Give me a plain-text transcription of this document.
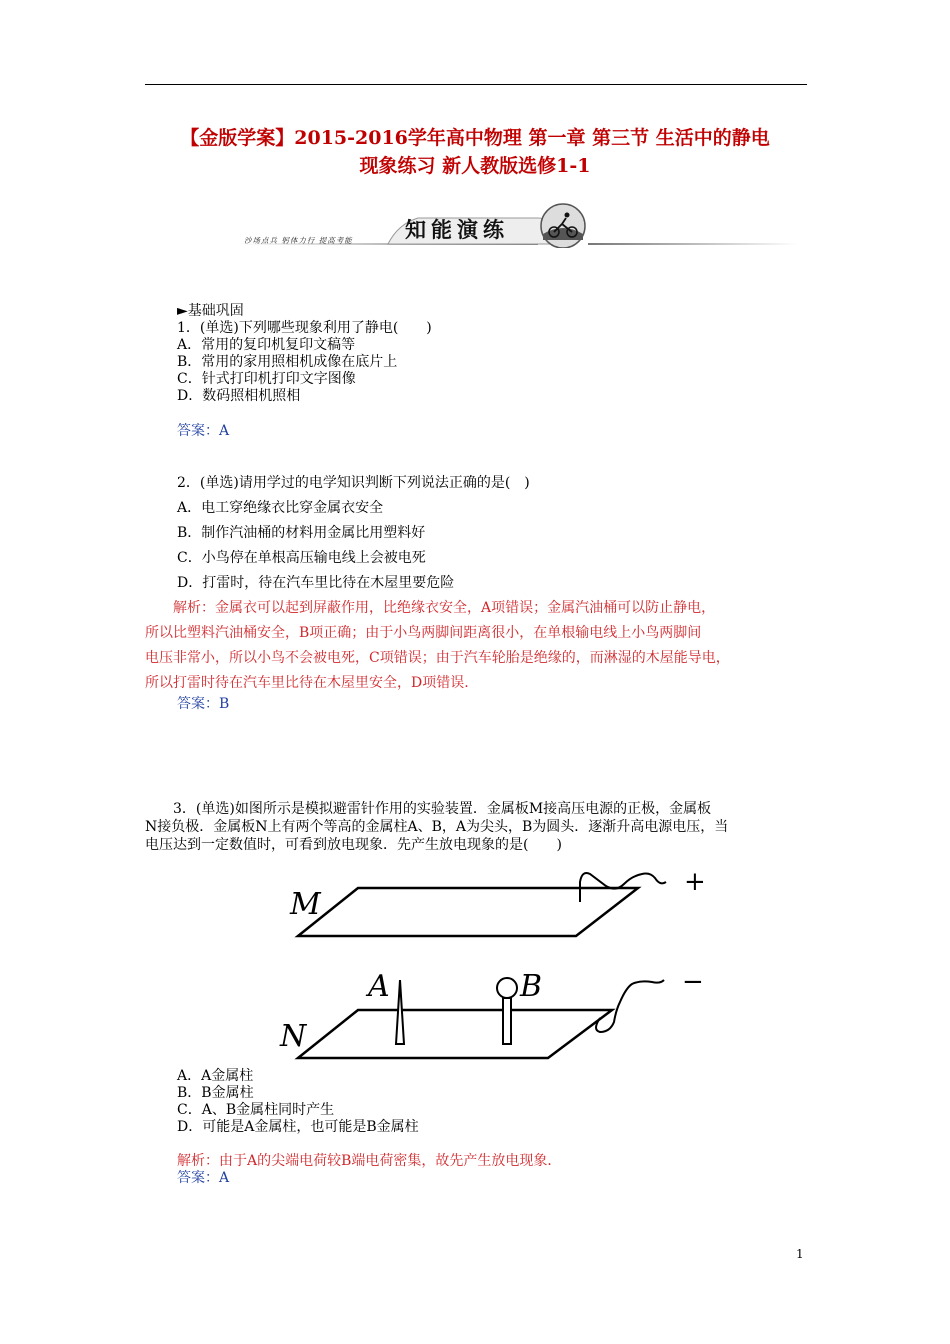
【金版学案】2015-2016学年高中物理 第一章 第三节 生活中的静电
现象练习 新人教版选修1-1
沙场点兵 躬体力行 提高考能 知能演练
►基础巩固
1．(单选)下列哪些现象利用了静电(　　)
A．常用的复印机复印文稿等
B．常用的家用照相机成像在底片上
C．针式打印机打印文字图像
D．数码照相机照相
答案：A
2．(单选)请用学过的电学知识判断下列说法正确的是(　)
A．电工穿绝缘衣比穿金属衣安全
B．制作汽油桶的材料用金属比用塑料好
C．小鸟停在单根高压输电线上会被电死
D．打雷时，待在汽车里比待在木屋里要危险

　　解析：金属衣可以起到屏蔽作用，比绝缘衣安全，A项错误；金属汽油桶可以防止静电，

所以比塑料汽油桶安全，B项正确；由于小鸟两脚间距离很小，在单根输电线上小鸟两脚间

电压非常小，所以小鸟不会被电死，C项错误；由于汽车轮胎是绝缘的，而淋湿的木屋能导电，

所以打雷时待在汽车里比待在木屋里安全，D项错误.

答案：B
　　3．(单选)如图所示是模拟避雷针作用的实验装置．金属板M接高压电源的正极，金属板
N接负极．金属板N上有两个等高的金属柱A、B，A为尖头，B为圆头．逐渐升高电源电压，当
电压达到一定数值时，可看到放电现象．先产生放电现象的是(　　)
M
+
N
A	B	−
A．A金属柱
B．B金属柱
C．A、B金属柱同时产生
D．可能是A金属柱，也可能是B金属柱
解析：由于A的尖端电荷较B端电荷密集，故先产生放电现象．
答案：A
1
